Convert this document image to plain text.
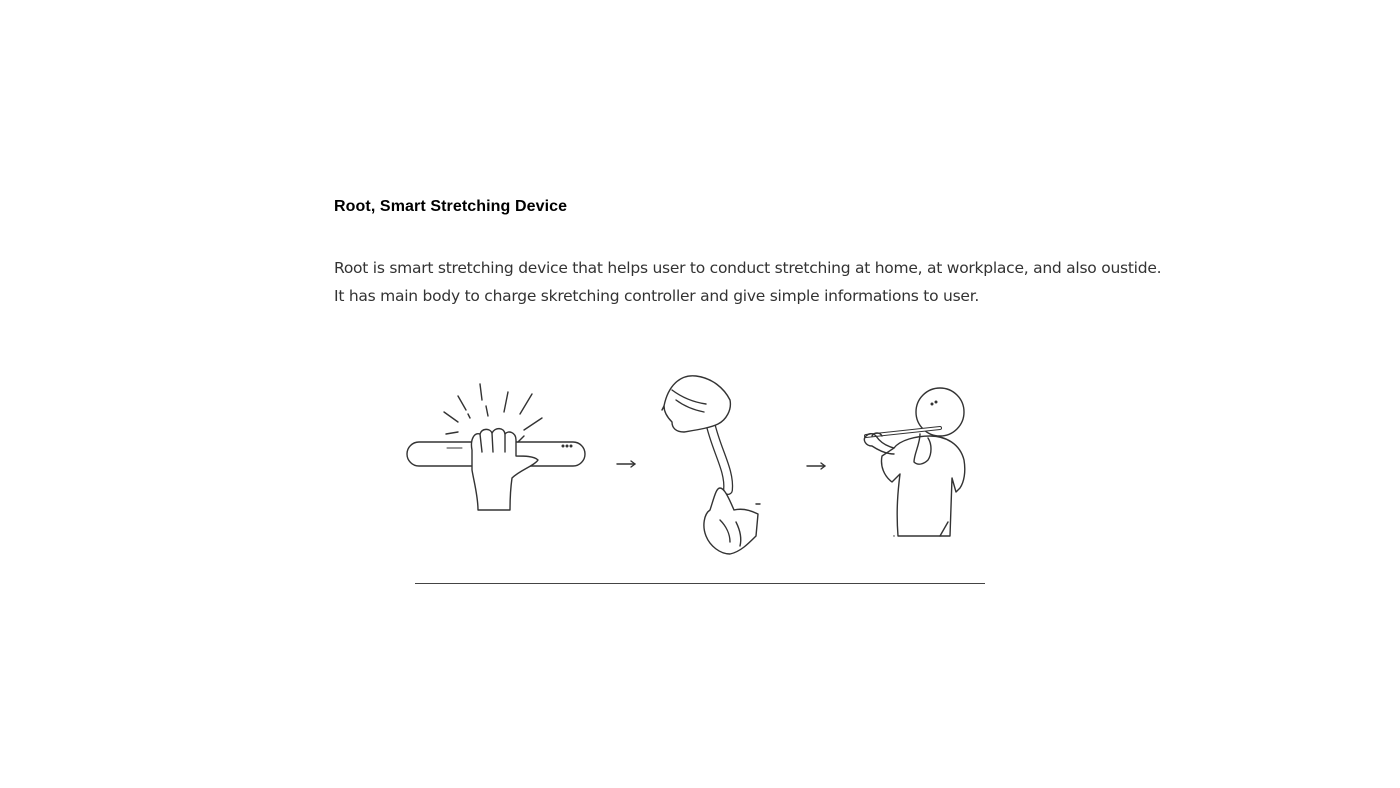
Root, Smart Stretching Device

Root is smart stretching device that helps user to conduct stretching at home, at workplace, and also oustide.
It has main body to charge skretching controller and give simple informations to user.
